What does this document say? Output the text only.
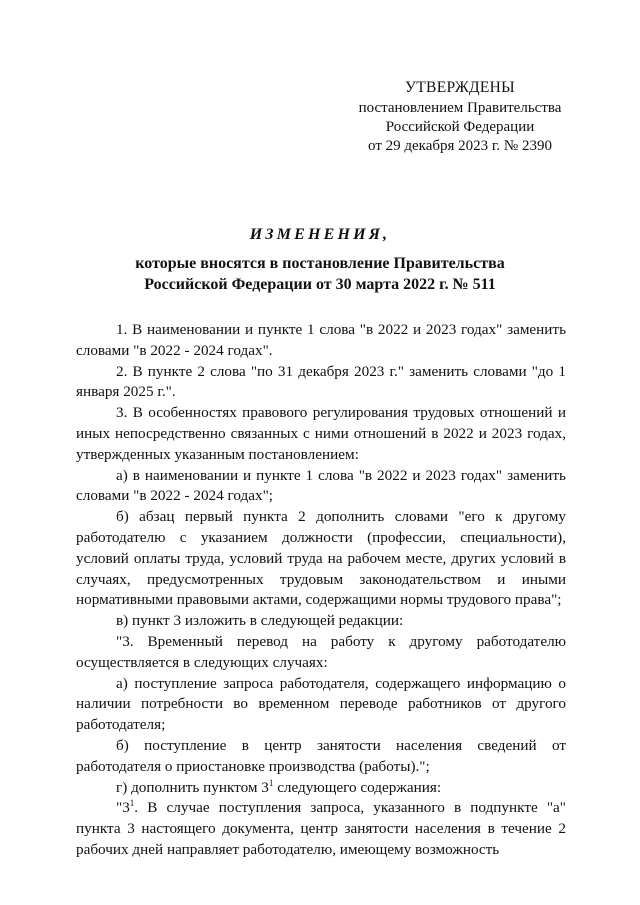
УТВЕРЖДЕНЫ
постановлением Правительства
Российской Федерации
от 29 декабря 2023 г. № 2390
ИЗМЕНЕНИЯ,
которые вносятся в постановление Правительства
Российской Федерации от 30 марта 2022 г. № 511

1. В наименовании и пункте 1 слова "в 2022 и 2023 годах" заменить словами "в 2022 - 2024 годах".

2. В пункте 2 слова "по 31 декабря 2023 г." заменить словами "до 1 января 2025 г.".

3. В особенностях правового регулирования трудовых отношений и иных непосредственно связанных с ними отношений в 2022 и 2023 годах, утвержденных указанным постановлением:

а) в наименовании и пункте 1 слова "в 2022 и 2023 годах" заменить словами "в 2022 - 2024 годах";

б) абзац первый пункта 2 дополнить словами "его к другому работодателю с указанием должности (профессии, специальности), условий оплаты труда, условий труда на рабочем месте, других условий в случаях, предусмотренных трудовым законодательством и иными нормативными правовыми актами, содержащими нормы трудового права";

в) пункт 3 изложить в следующей редакции:

"3. Временный перевод на работу к другому работодателю осуществляется в следующих случаях:

а) поступление запроса работодателя, содержащего информацию о наличии потребности во временном переводе работников от другого работодателя;

б) поступление в центр занятости населения сведений от работодателя о приостановке производства (работы).";

г) дополнить пунктом $3^1$ следующего содержания:

"$3^1$. В случае поступления запроса, указанного в подпункте "а" пункта 3 настоящего документа, центр занятости населения в течение 2 рабочих дней направляет работодателю, имеющему возможность
